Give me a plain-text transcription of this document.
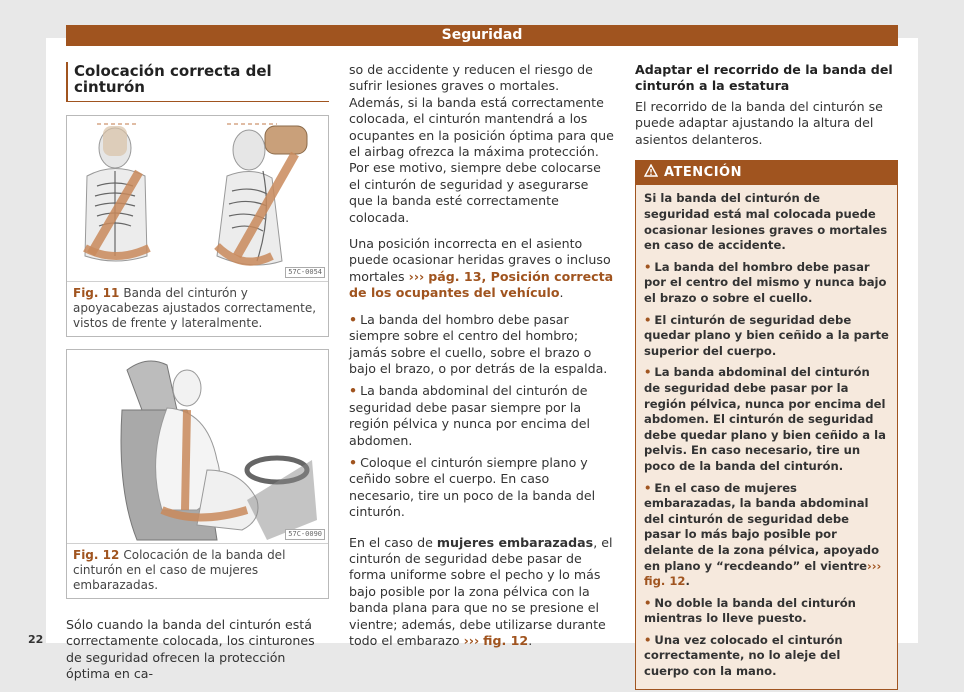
Seguridad
Colocación correcta del cinturón
57C-0054
Fig. 11 Banda del cinturón y apoyacabezas ajustados correctamente, vistos de frente y lateralmente.
57C-0090
Fig. 12 Colocación de la banda del cinturón en el caso de mujeres embarazadas.

Sólo cuando la banda del cinturón está correctamente colocada, los cinturones de seguridad ofrecen la protección óptima en ca-

so de accidente y reducen el riesgo de sufrir lesiones graves o mortales. Además, si la banda está correctamente colocada, el cinturón mantendrá a los ocupantes en la posición óptima para que el airbag ofrezca la máxima protección. Por ese motivo, siempre debe colocarse el cinturón de seguridad y asegurarse que la banda esté correctamente colocada.

Una posición incorrecta en el asiento puede ocasionar heridas graves o incluso mortales ››› pág. 13, Posición correcta de los ocupantes del vehículo.

• La banda del hombro debe pasar siempre sobre el centro del hombro; jamás sobre el cuello, sobre el brazo o bajo el brazo, o por detrás de la espalda.
• La banda abdominal del cinturón de seguridad debe pasar siempre por la región pélvica y nunca por encima del abdomen.
• Coloque el cinturón siempre plano y ceñido sobre el cuerpo. En caso necesario, tire un poco de la banda del cinturón.

En el caso de mujeres embarazadas, el cinturón de seguridad debe pasar de forma uniforme sobre el pecho y lo más bajo posible por la zona pélvica con la banda plana para que no se presione el vientre; además, debe utilizarse durante todo el embarazo ››› fig. 12.

Adaptar el recorrido de la banda del cinturón a la estatura

El recorrido de la banda del cinturón se puede adaptar ajustando la altura del asientos delanteros.

ATENCIÓN
Si la banda del cinturón de seguridad está mal colocada puede ocasionar lesiones graves o mortales en caso de accidente.
• La banda del hombro debe pasar por el centro del mismo y nunca bajo el brazo o sobre el cuello.
• El cinturón de seguridad debe quedar plano y bien ceñido a la parte superior del cuerpo.
• La banda abdominal del cinturón de seguridad debe pasar por la región pélvica, nunca por encima del abdomen. El cinturón de seguridad debe quedar plano y bien ceñido a la pelvis. En caso necesario, tire un poco de la banda del cinturón.
• En el caso de mujeres embarazadas, la banda abdominal del cinturón de seguridad debe pasar lo más bajo posible por delante de la zona pélvica, apoyado en plano y “recdeando” el vientre››› fig. 12.
• No doble la banda del cinturón mientras lo lleve puesto.
• Una vez colocado el cinturón correctamente, no lo aleje del cuerpo con la mano.
22
